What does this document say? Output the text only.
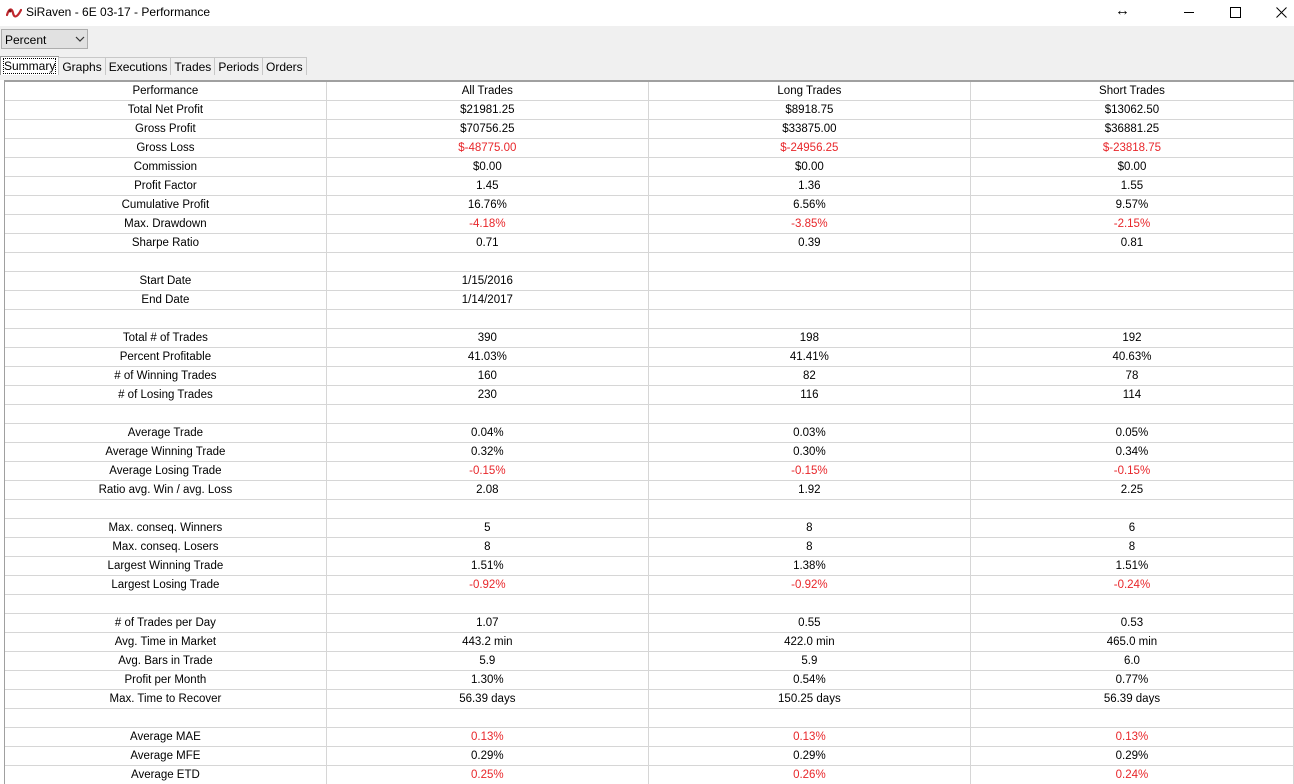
SiRaven - 6E 03-17 - Performance	↔
Percent
Summary Graphs Executions Trades Periods Orders
Performance	All Trades	Long Trades	Short Trades
Total Net Profit	$21981.25	$8918.75	$13062.50
Gross Profit	$70756.25	$33875.00	$36881.25
Gross Loss	$-48775.00	$-24956.25	$-23818.75
Commission	$0.00	$0.00	$0.00
Profit Factor	1.45	1.36	1.55
Cumulative Profit	16.76%	6.56%	9.57%
Max. Drawdown	-4.18%	-3.85%	-2.15%
Sharpe Ratio	0.71	0.39	0.81

Start Date	1/15/2016		
End Date	1/14/2017		

Total # of Trades	390	198	192
Percent Profitable	41.03%	41.41%	40.63%
# of Winning Trades	160	82	78
# of Losing Trades	230	116	114

Average Trade	0.04%	0.03%	0.05%
Average Winning Trade	0.32%	0.30%	0.34%
Average Losing Trade	-0.15%	-0.15%	-0.15%
Ratio avg. Win / avg. Loss	2.08	1.92	2.25

Max. conseq. Winners	5	8	6
Max. conseq. Losers	8	8	8
Largest Winning Trade	1.51%	1.38%	1.51%
Largest Losing Trade	-0.92%	-0.92%	-0.24%

# of Trades per Day	1.07	0.55	0.53
Avg. Time in Market	443.2 min	422.0 min	465.0 min
Avg. Bars in Trade	5.9	5.9	6.0
Profit per Month	1.30%	0.54%	0.77%
Max. Time to Recover	56.39 days	150.25 days	56.39 days

Average MAE	0.13%	0.13%	0.13%
Average MFE	0.29%	0.29%	0.29%
Average ETD	0.25%	0.26%	0.24%
